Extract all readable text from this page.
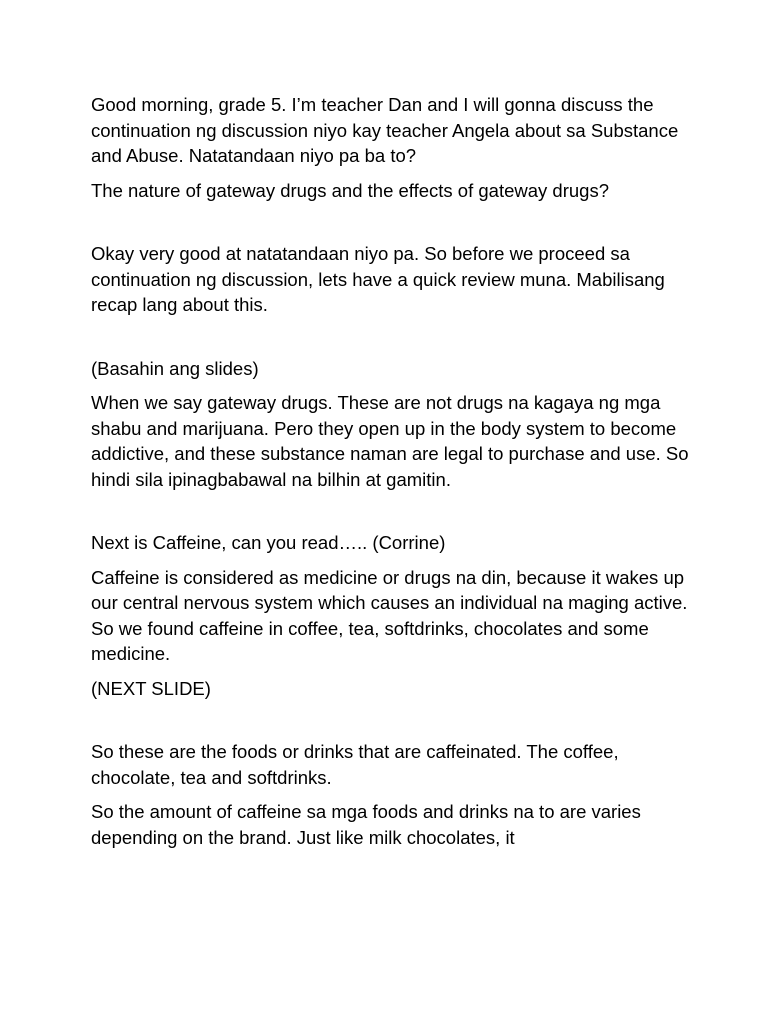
Good morning, grade 5. I’m teacher Dan and I will gonna discuss the continuation ng discussion niyo kay teacher Angela about sa Substance and Abuse. Natatandaan niyo pa ba to?

The nature of gateway drugs and the effects of gateway drugs?

Okay very good at natatandaan niyo pa. So before we proceed sa continuation ng discussion, lets have a quick review muna. Mabilisang recap lang about this.

(Basahin ang slides)

When we say gateway drugs. These are not drugs na kagaya ng mga shabu and marijuana. Pero they open up in the body system to become addictive, and these substance naman are legal to purchase and use. So hindi sila ipinagbabawal na bilhin at gamitin.

Next is Caffeine, can you read….. (Corrine)

Caffeine is considered as medicine or drugs na din, because it wakes up our central nervous system which causes an individual na maging active. So we found caffeine in coffee, tea, softdrinks, chocolates and some medicine.

(NEXT SLIDE)

So these are the foods or drinks that are caffeinated. The coffee, chocolate, tea and softdrinks.

So the amount of caffeine sa mga foods and drinks na to are varies depending on the brand. Just like milk chocolates, it
